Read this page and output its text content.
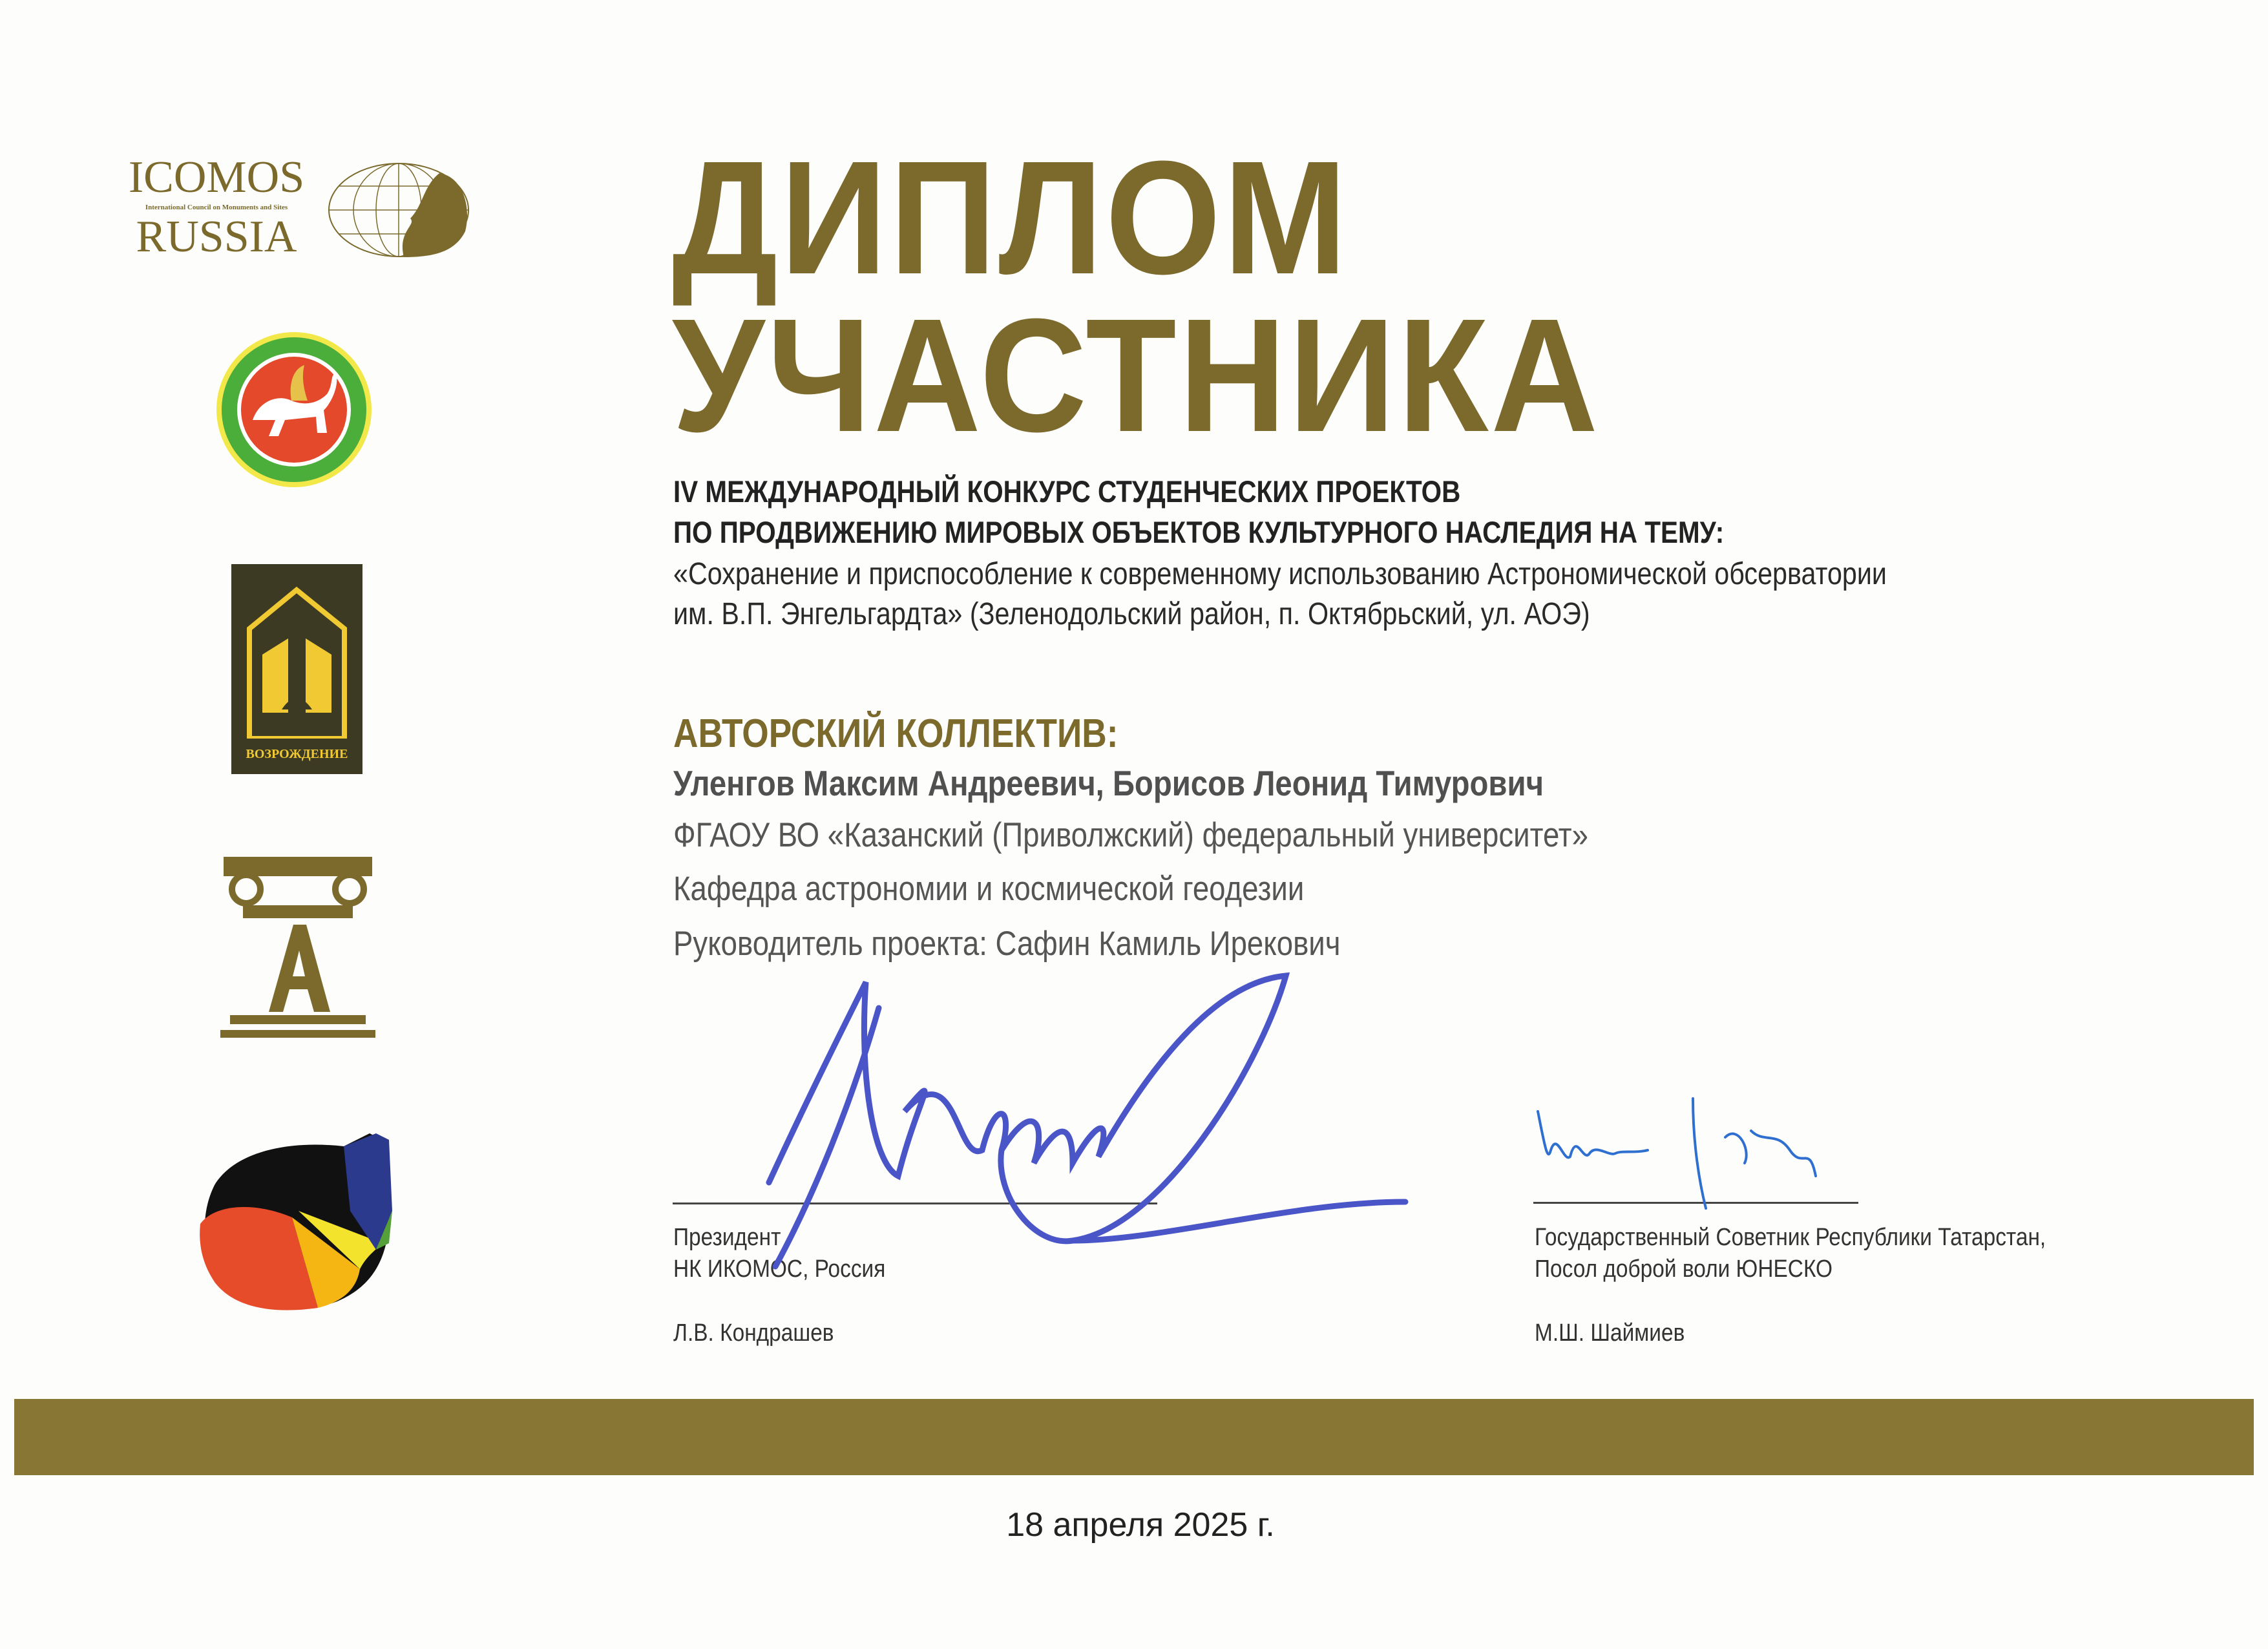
ICOMOS
International Council on Monuments and Sites
RUSSIA
ВОЗРОЖДЕНИЕ
ДИПЛОМ
УЧАСТНИКА
IV МЕЖДУНАРОДНЫЙ КОНКУРС СТУДЕНЧЕСКИХ ПРОЕКТОВ
ПО ПРОДВИЖЕНИЮ МИРОВЫХ ОБЪЕКТОВ КУЛЬТУРНОГО НАСЛЕДИЯ НА ТЕМУ:
«Сохранение и приспособление к современному использованию Астрономической обсерватории
им. В.П. Энгельгардта» (Зеленодольский район, п. Октябрьский, ул. АОЭ)
АВТОРСКИЙ КОЛЛЕКТИВ:
Уленгов Максим Андреевич, Борисов Леонид Тимурович
ФГАОУ ВО «Казанский (Приволжский) федеральный университет»
Кафедра астрономии и космической геодезии
Руководитель проекта: Сафин Камиль Ирекович
Президент
НК ИКОМОС, Россия
Л.В. Кондрашев
Государственный Советник Республики Татарстан,
Посол доброй воли ЮНЕСКО
М.Ш. Шаймиев
18 апреля 2025 г.
